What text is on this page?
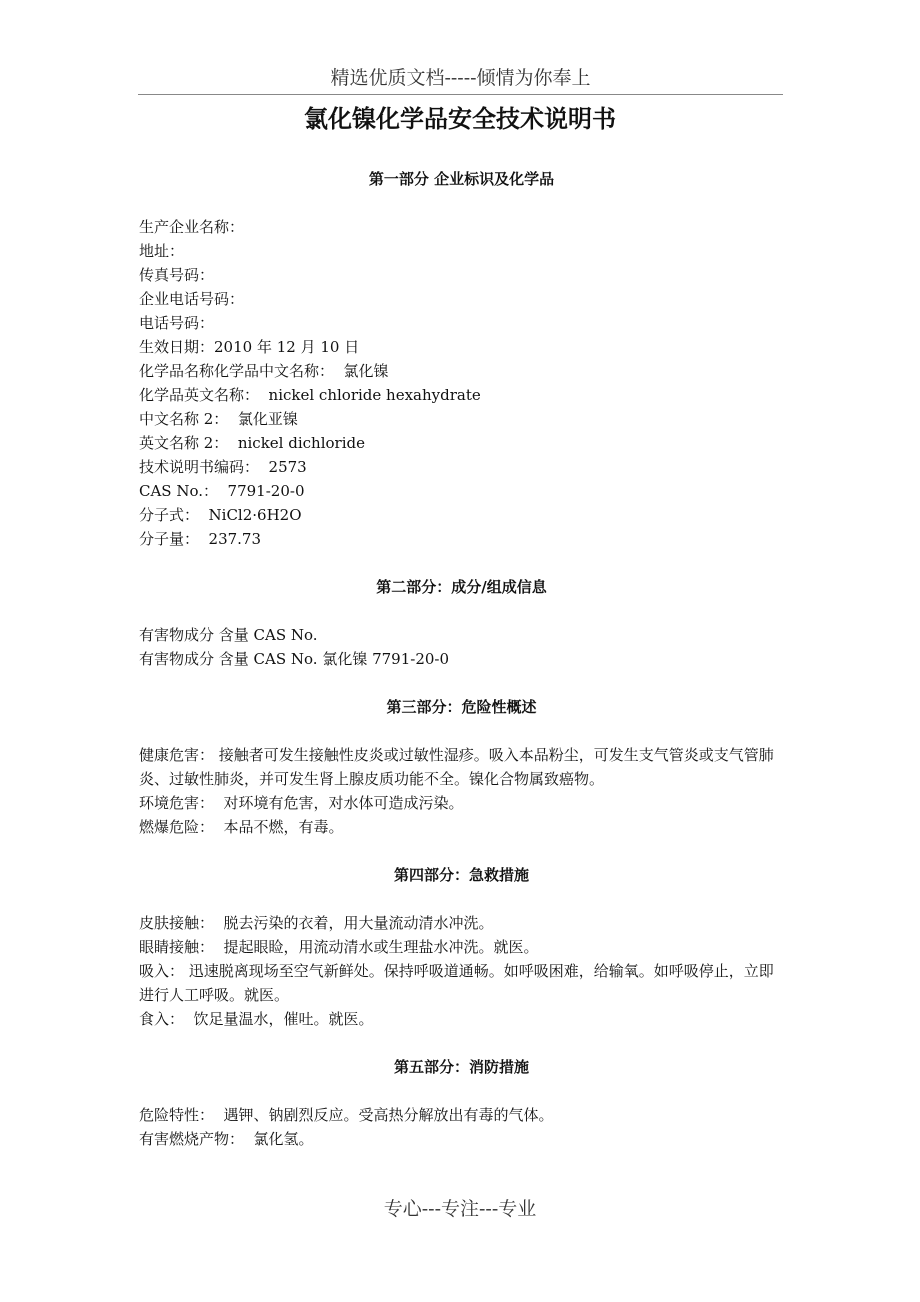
精选优质文档-----倾情为你奉上
氯化镍化学品安全技术说明书
第一部分 企业标识及化学品
生产企业名称：
地址：
传真号码：
企业电话号码：
电话号码：
生效日期：2010 年 12 月 10 日
化学品名称化学品中文名称：  氯化镍
化学品英文名称：  nickel chloride hexahydrate
中文名称 2：  氯化亚镍
英文名称 2：  nickel dichloride
技术说明书编码：  2573
CAS No.：  7791-20-0
分子式：  NiCl2·6H2O
分子量：  237.73
第二部分：成分/组成信息
有害物成分 含量 CAS No.
有害物成分 含量 CAS No. 氯化镍 7791-20-0
第三部分：危险性概述
健康危害： 接触者可发生接触性皮炎或过敏性湿疹。吸入本品粉尘，可发生支气管炎或支气管肺炎、过敏性肺炎，并可发生肾上腺皮质功能不全。镍化合物属致癌物。
环境危害：  对环境有危害，对水体可造成污染。
燃爆危险：  本品不燃，有毒。
第四部分：急救措施
皮肤接触：  脱去污染的衣着，用大量流动清水冲洗。
眼睛接触：  提起眼睑，用流动清水或生理盐水冲洗。就医。
吸入： 迅速脱离现场至空气新鲜处。保持呼吸道通畅。如呼吸困难，给输氧。如呼吸停止，立即进行人工呼吸。就医。
食入：  饮足量温水，催吐。就医。
第五部分：消防措施
危险特性：  遇钾、钠剧烈反应。受高热分解放出有毒的气体。
有害燃烧产物：  氯化氢。
专心---专注---专业
